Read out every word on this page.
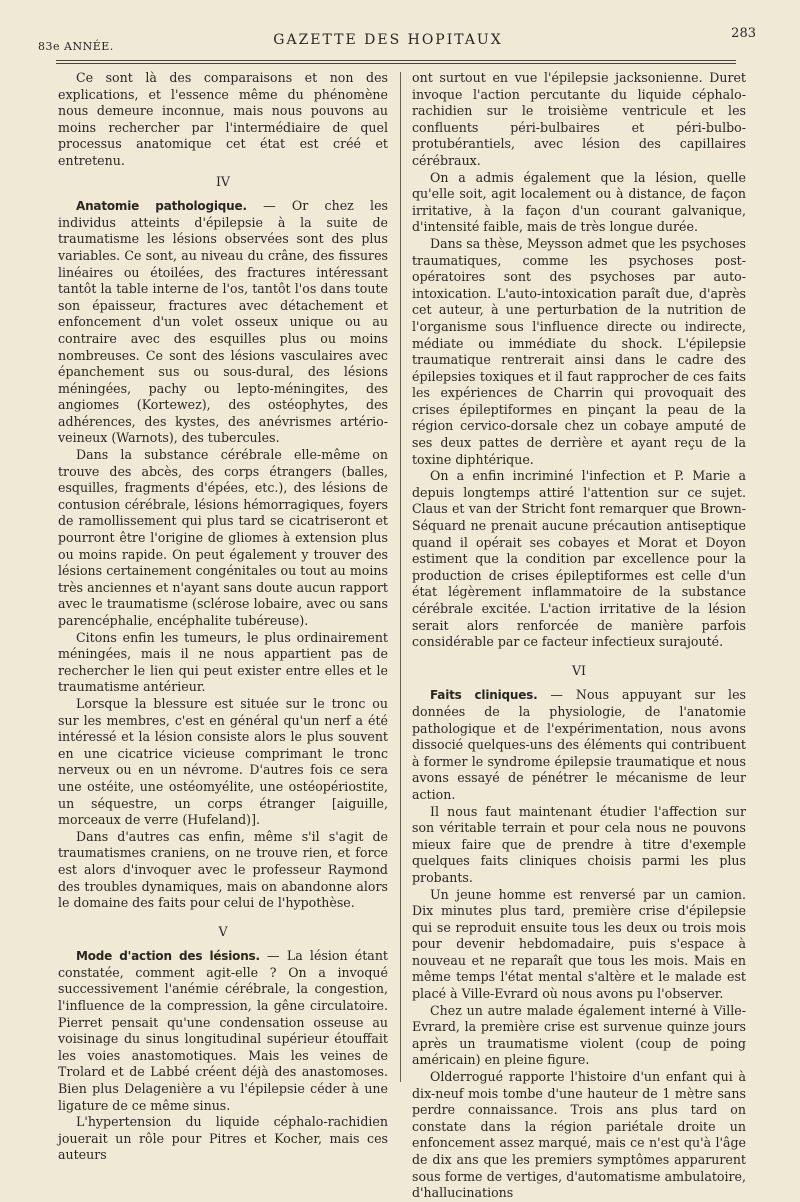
83e ANNÉE.	GAZETTE DES HOPITAUX	283

Ce sont là des comparaisons et non des explications, et l'essence même du phénomène nous demeure inconnue, mais nous pouvons au moins rechercher par l'intermédiaire de quel processus anatomique cet état est créé et entretenu.

IV

Anatomie pathologique. — Or chez les individus atteints d'épilepsie à la suite de traumatisme les lésions observées sont des plus variables. Ce sont, au niveau du crâne, des fissures linéaires ou étoilées, des fractures intéressant tantôt la table interne de l'os, tantôt l'os dans toute son épaisseur, fractures avec détachement et enfoncement d'un volet osseux unique ou au contraire avec des esquilles plus ou moins nombreuses. Ce sont des lésions vasculaires avec épanchement sus ou sous-dural, des lésions méningées, pachy ou lepto-méningites, des angiomes (Kortewez), des ostéophytes, des adhérences, des kystes, des anévrismes artério-veineux (Warnots), des tubercules.

Dans la substance cérébrale elle-même on trouve des abcès, des corps étrangers (balles, esquilles, fragments d'épées, etc.), des lésions de contusion cérébrale, lésions hémorragiques, foyers de ramollissement qui plus tard se cicatriseront et pourront être l'origine de gliomes à extension plus ou moins rapide. On peut également y trouver des lésions certainement congénitales ou tout au moins très anciennes et n'ayant sans doute aucun rapport avec le traumatisme (sclérose lobaire, avec ou sans parencéphalie, encéphalite tubéreuse).

Citons enfin les tumeurs, le plus ordinairement méningées, mais il ne nous appartient pas de rechercher le lien qui peut exister entre elles et le traumatisme antérieur.

Lorsque la blessure est située sur le tronc ou sur les membres, c'est en général qu'un nerf a été intéressé et la lésion consiste alors le plus souvent en une cicatrice vicieuse comprimant le tronc nerveux ou en un névrome. D'autres fois ce sera une ostéite, une ostéomyélite, une ostéopériostite, un séquestre, un corps étranger [aiguille, morceaux de verre (Hufeland)].

Dans d'autres cas enfin, même s'il s'agit de traumatismes craniens, on ne trouve rien, et force est alors d'invoquer avec le professeur Raymond des troubles dynamiques, mais on abandonne alors le domaine des faits pour celui de l'hypothèse.

V

Mode d'action des lésions. — La lésion étant constatée, comment agit-elle ? On a invoqué successivement l'anémie cérébrale, la congestion, l'influence de la compression, la gêne circulatoire. Pierret pensait qu'une condensation osseuse au voisinage du sinus longitudinal supérieur étouffait les voies anastomotiques. Mais les veines de Trolard et de Labbé créent déjà des anastomoses. Bien plus Delagenière a vu l'épilepsie céder à une ligature de ce même sinus.

L'hypertension du liquide céphalo-rachidien jouerait un rôle pour Pitres et Kocher, mais ces auteurs

ont surtout en vue l'épilepsie jacksonienne. Duret invoque l'action percutante du liquide céphalo-rachidien sur le troisième ventricule et les confluents péri-bulbaires et péri-bulbo-protubérantiels, avec lésion des capillaires cérébraux.

On a admis également que la lésion, quelle qu'elle soit, agit localement ou à distance, de façon irritative, à la façon d'un courant galvanique, d'intensité faible, mais de très longue durée.

Dans sa thèse, Meysson admet que les psychoses traumatiques, comme les psychoses post-opératoires sont des psychoses par auto-intoxication. L'auto-intoxication paraît due, d'après cet auteur, à une perturbation de la nutrition de l'organisme sous l'influence directe ou indirecte, médiate ou immédiate du shock. L'épilepsie traumatique rentrerait ainsi dans le cadre des épilepsies toxiques et il faut rapprocher de ces faits les expériences de Charrin qui provoquait des crises épileptiformes en pinçant la peau de la région cervico-dorsale chez un cobaye amputé de ses deux pattes de derrière et ayant reçu de la toxine diphtérique.

On a enfin incriminé l'infection et P. Marie a depuis longtemps attiré l'attention sur ce sujet. Claus et van der Stricht font remarquer que Brown-Séquard ne prenait aucune précaution antiseptique quand il opérait ses cobayes et Morat et Doyon estiment que la condition par excellence pour la production de crises épileptiformes est celle d'un état légèrement inflammatoire de la substance cérébrale excitée. L'action irritative de la lésion serait alors renforcée de manière parfois considérable par ce facteur infectieux surajouté.

VI

Faits cliniques. — Nous appuyant sur les données de la physiologie, de l'anatomie pathologique et de l'expérimentation, nous avons dissocié quelques-uns des éléments qui contribuent à former le syndrome épilepsie traumatique et nous avons essayé de pénétrer le mécanisme de leur action.

Il nous faut maintenant étudier l'affection sur son véritable terrain et pour cela nous ne pouvons mieux faire que de prendre à titre d'exemple quelques faits cliniques choisis parmi les plus probants.

Un jeune homme est renversé par un camion. Dix minutes plus tard, première crise d'épilepsie qui se reproduit ensuite tous les deux ou trois mois pour devenir hebdomadaire, puis s'espace à nouveau et ne reparaît que tous les mois. Mais en même temps l'état mental s'altère et le malade est placé à Ville-Evrard où nous avons pu l'observer.

Chez un autre malade également interné à Ville-Evrard, la première crise est survenue quinze jours après un traumatisme violent (coup de poing américain) en pleine figure.

Olderrogué rapporte l'histoire d'un enfant qui à dix-neuf mois tombe d'une hauteur de 1 mètre sans perdre connaissance. Trois ans plus tard on constate dans la région pariétale droite un enfoncement assez marqué, mais ce n'est qu'à l'âge de dix ans que les premiers symptômes apparurent sous forme de vertiges, d'automatisme ambulatoire, d'hallucinations
